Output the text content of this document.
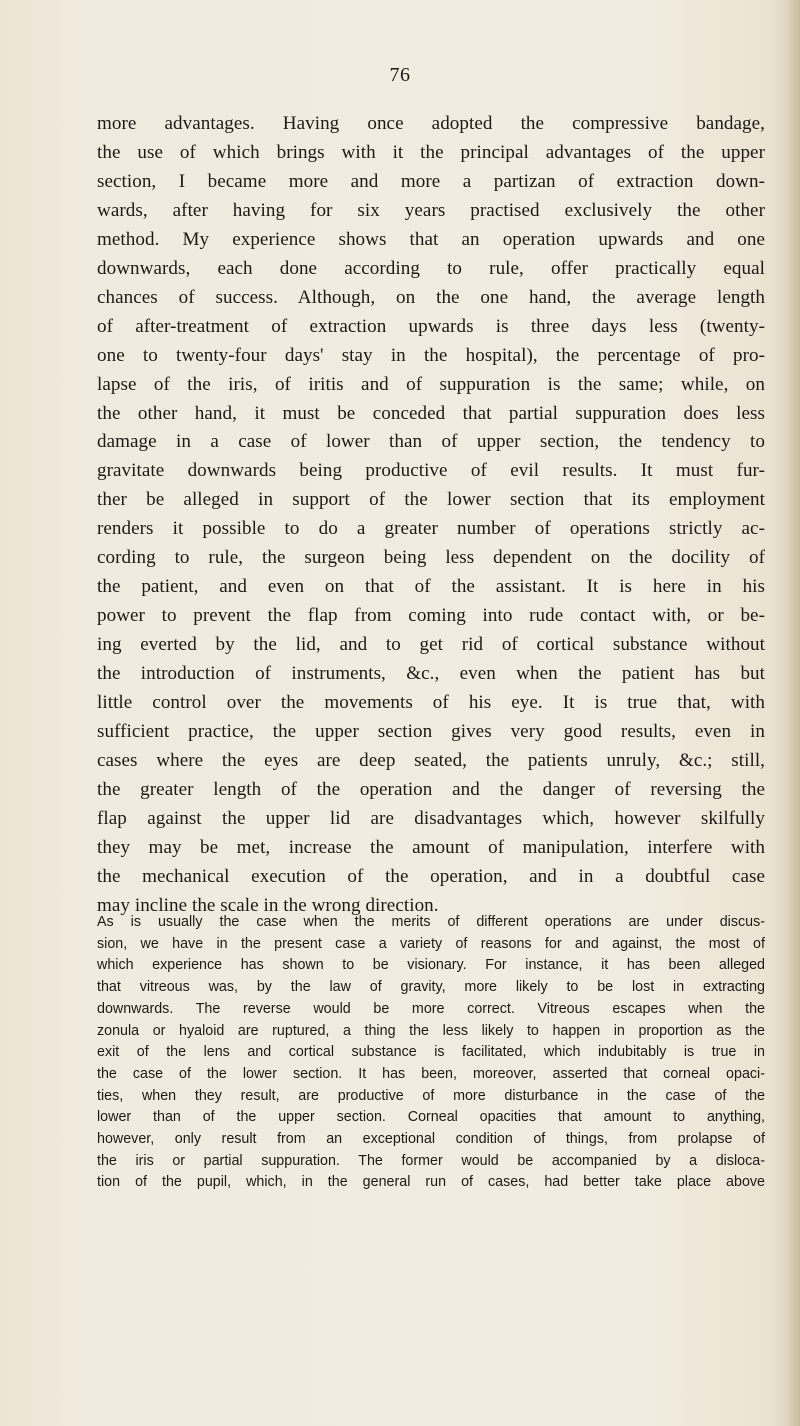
76
more advantages. Having once adopted the compressive bandage,
the use of which brings with it the principal advantages of the upper
section, I became more and more a partizan of extraction down-
wards, after having for six years practised exclusively the other
method. My experience shows that an operation upwards and one
downwards, each done according to rule, offer practically equal
chances of success. Although, on the one hand, the average length
of after-treatment of extraction upwards is three days less (twenty-
one to twenty-four days' stay in the hospital), the percentage of pro-
lapse of the iris, of iritis and of suppuration is the same; while, on
the other hand, it must be conceded that partial suppuration does less
damage in a case of lower than of upper section, the tendency to
gravitate downwards being productive of evil results. It must fur-
ther be alleged in support of the lower section that its employment
renders it possible to do a greater number of operations strictly ac-
cording to rule, the surgeon being less dependent on the docility of
the patient, and even on that of the assistant. It is here in his
power to prevent the flap from coming into rude contact with, or be-
ing everted by the lid, and to get rid of cortical substance without
the introduction of instruments, &c., even when the patient has but
little control over the movements of his eye. It is true that, with
sufficient practice, the upper section gives very good results, even in
cases where the eyes are deep seated, the patients unruly, &c.; still,
the greater length of the operation and the danger of reversing the
flap against the upper lid are disadvantages which, however skilfully
they may be met, increase the amount of manipulation, interfere with
the mechanical execution of the operation, and in a doubtful case
may incline the scale in the wrong direction.
As is usually the case when the merits of different operations are under discus-
sion, we have in the present case a variety of reasons for and against, the most of
which experience has shown to be visionary. For instance, it has been alleged
that vitreous was, by the law of gravity, more likely to be lost in extracting
downwards. The reverse would be more correct. Vitreous escapes when the
zonula or hyaloid are ruptured, a thing the less likely to happen in proportion as the
exit of the lens and cortical substance is facilitated, which indubitably is true in
the case of the lower section. It has been, moreover, asserted that corneal opaci-
ties, when they result, are productive of more disturbance in the case of the
lower than of the upper section. Corneal opacities that amount to anything,
however, only result from an exceptional condition of things, from prolapse of
the iris or partial suppuration. The former would be accompanied by a disloca-
tion of the pupil, which, in the general run of cases, had better take place above
